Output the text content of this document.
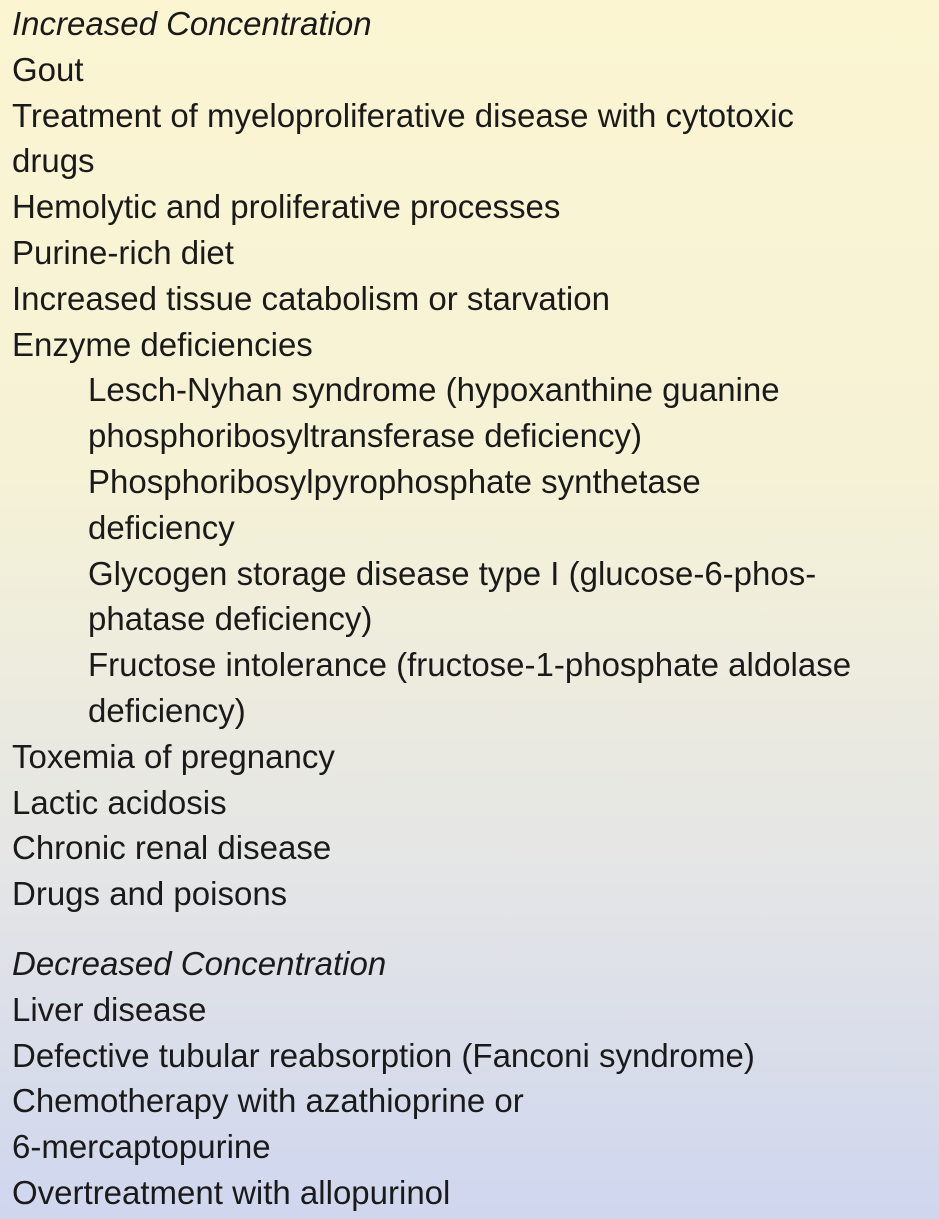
Increased Concentration
Gout
Treatment of myeloproliferative disease with cytotoxic
drugs
Hemolytic and proliferative processes
Purine-rich diet
Increased tissue catabolism or starvation
Enzyme deficiencies
Lesch-Nyhan syndrome (hypoxanthine guanine
phosphoribosyltransferase deficiency)
Phosphoribosylpyrophosphate synthetase
deficiency
Glycogen storage disease type I (glucose-6-phos-
phatase deficiency)
Fructose intolerance (fructose-1-phosphate aldolase
deficiency)
Toxemia of pregnancy
Lactic acidosis
Chronic renal disease
Drugs and poisons
Decreased Concentration
Liver disease
Defective tubular reabsorption (Fanconi syndrome)
Chemotherapy with azathioprine or
6-mercaptopurine
Overtreatment with allopurinol
